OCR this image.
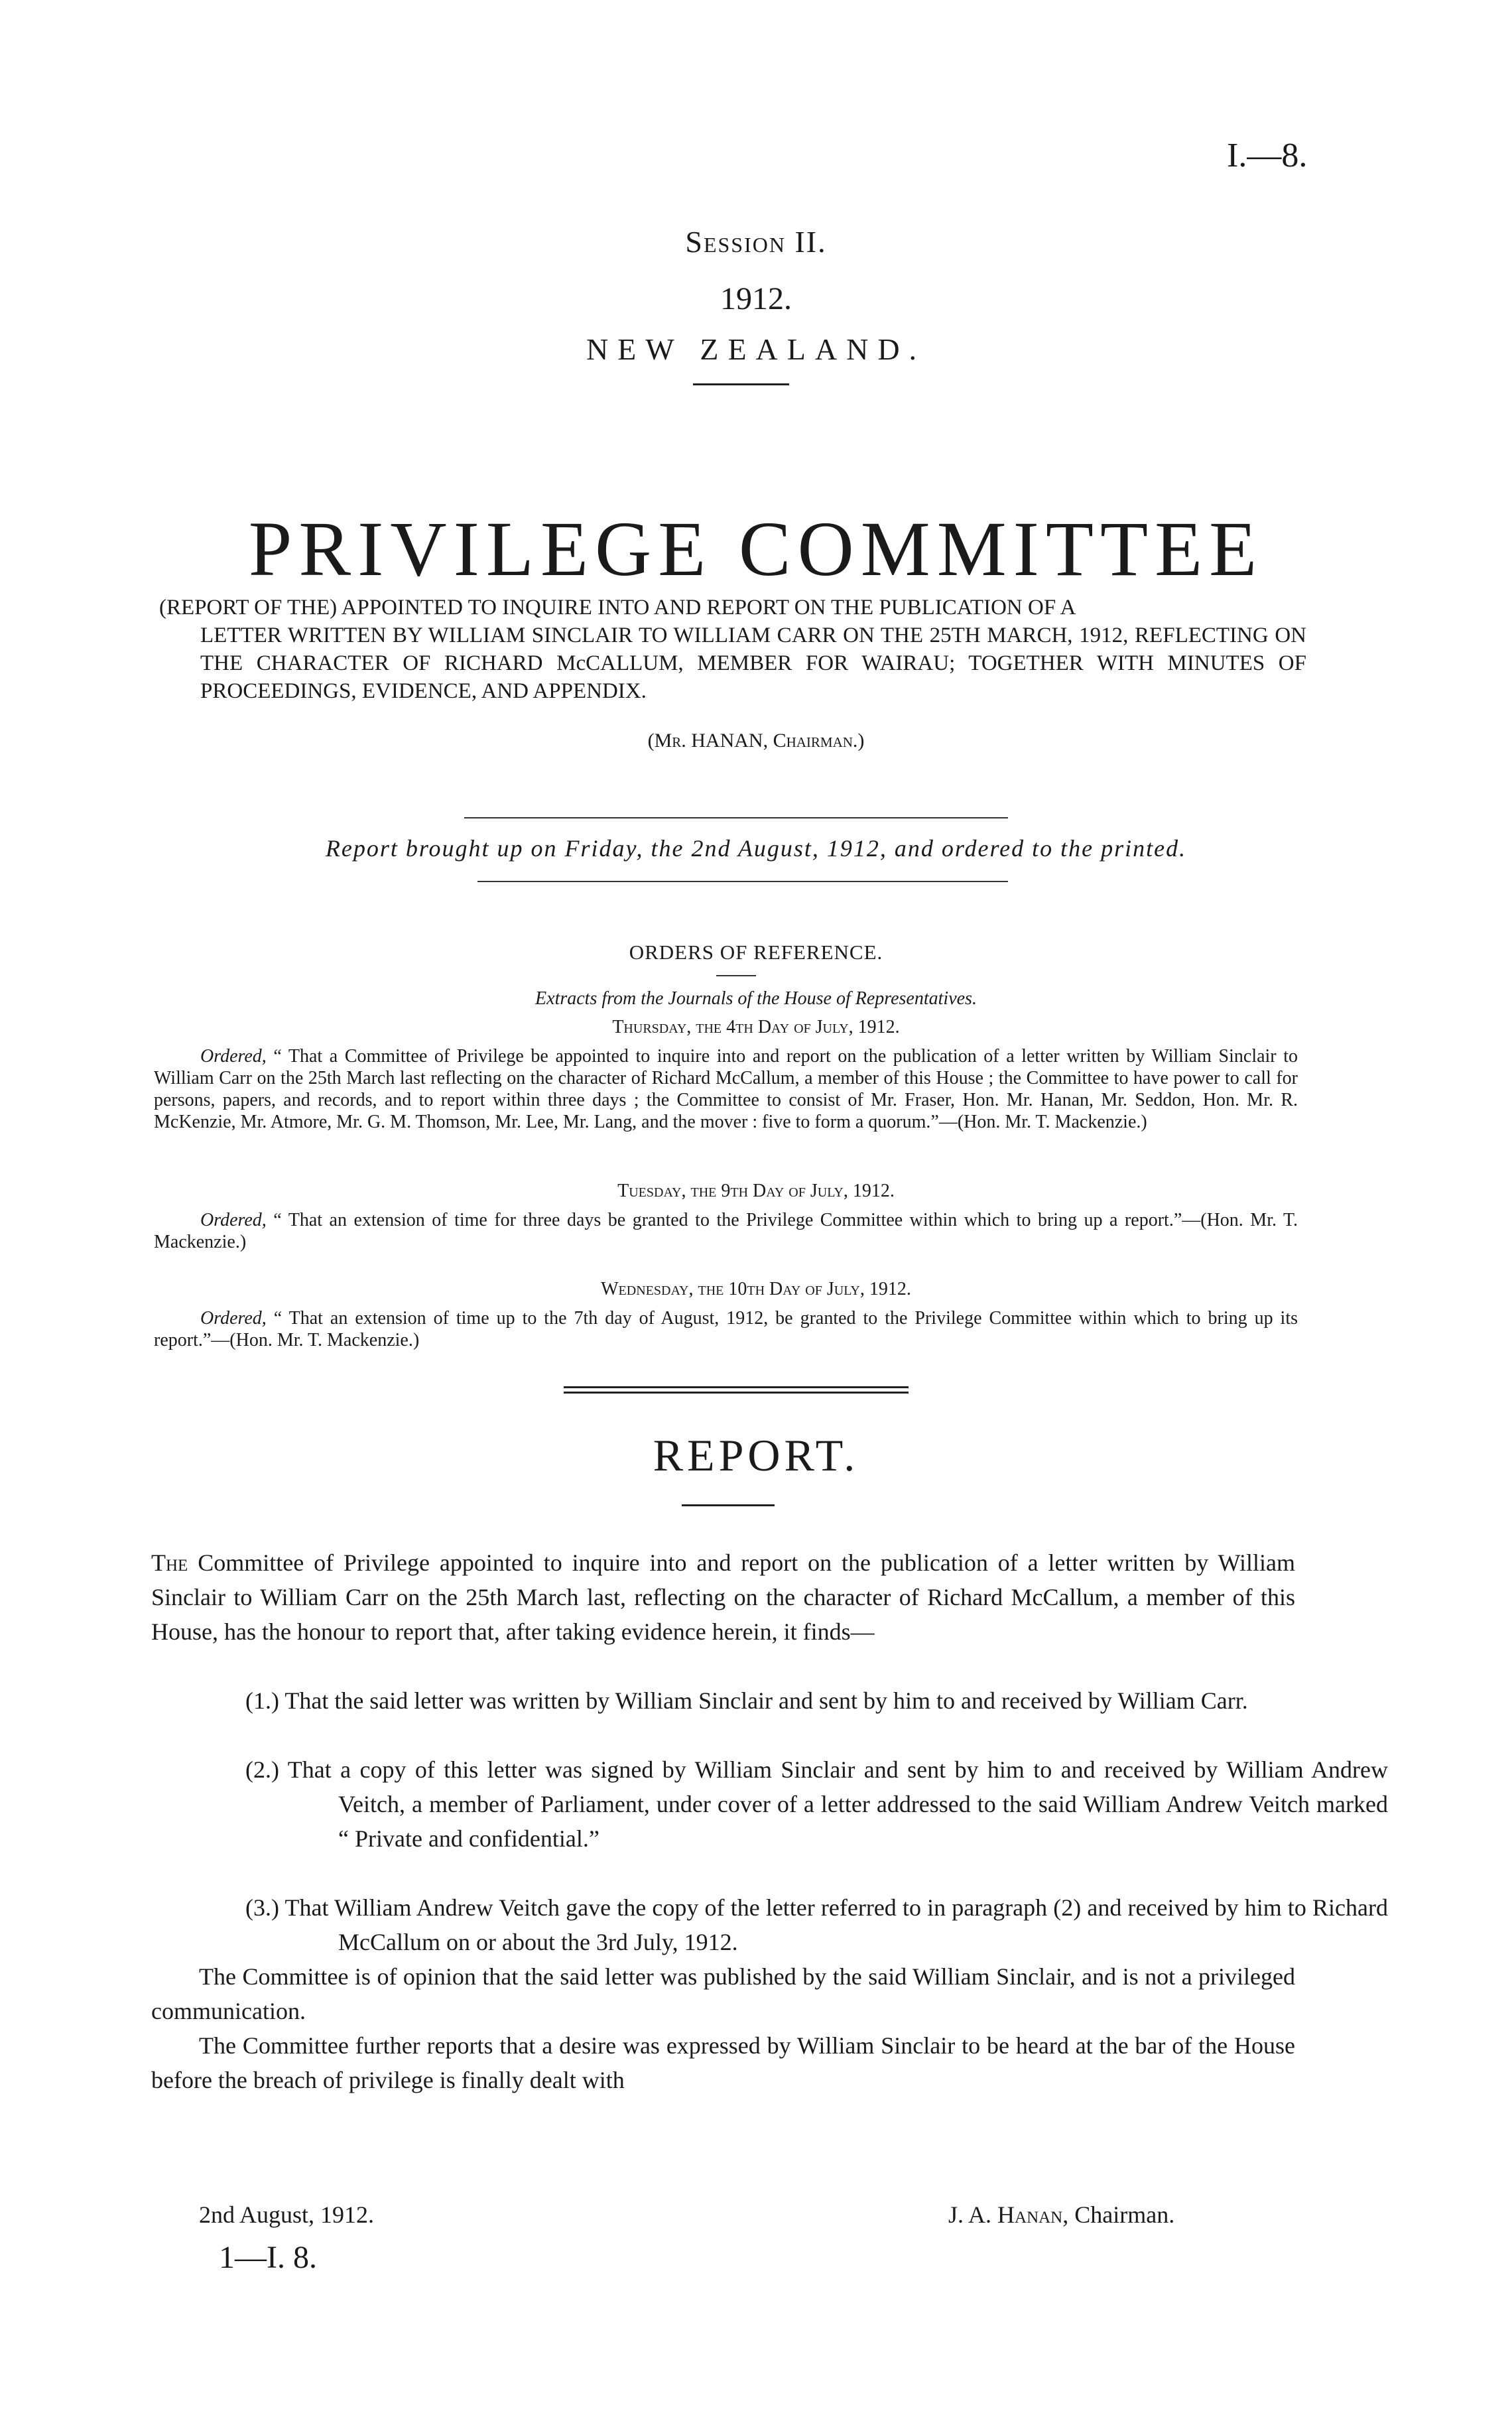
I.—8.
Session II.
1912.
NEW ZEALAND.
PRIVILEGE COMMITTEE
(REPORT OF THE) APPOINTED TO INQUIRE INTO AND REPORT ON THE PUBLICATION OF A
LETTER WRITTEN BY WILLIAM SINCLAIR TO WILLIAM CARR ON THE 25TH MARCH, 1912, REFLECTING ON THE CHARACTER OF RICHARD McCALLUM, MEMBER FOR WAIRAU; TOGETHER WITH MINUTES OF PROCEEDINGS, EVIDENCE, AND APPENDIX.
(Mr. HANAN, Chairman.)
Report brought up on Friday, the 2nd August, 1912, and ordered to the printed.
ORDERS OF REFERENCE.
Extracts from the Journals of the House of Representatives.
Thursday, the 4th Day of July, 1912.
Ordered, “ That a Committee of Privilege be appointed to inquire into and report on the publication of a letter written by William Sinclair to William Carr on the 25th March last reflecting on the character of Richard McCallum, a member of this House ; the Committee to have power to call for persons, papers, and records, and to report within three days ; the Committee to consist of Mr. Fraser, Hon. Mr. Hanan, Mr. Seddon, Hon. Mr. R. McKenzie, Mr. Atmore, Mr. G. M. Thomson, Mr. Lee, Mr. Lang, and the mover : five to form a quorum.”—(Hon. Mr. T. Mackenzie.)
Tuesday, the 9th Day of July, 1912.
Ordered, “ That an extension of time for three days be granted to the Privilege Committee within which to bring up a report.”—(Hon. Mr. T. Mackenzie.)
Wednesday, the 10th Day of July, 1912.
Ordered, “ That an extension of time up to the 7th day of August, 1912, be granted to the Privilege Committee within which to bring up its report.”—(Hon. Mr. T. Mackenzie.)
REPORT.
The Committee of Privilege appointed to inquire into and report on the publication of a letter written by William Sinclair to William Carr on the 25th March last, reflecting on the character of Richard McCallum, a member of this House, has the honour to report that, after taking evidence herein, it finds—
(1.) That the said letter was written by William Sinclair and sent by him to and received by William Carr.
(2.) That a copy of this letter was signed by William Sinclair and sent by him to and received by William Andrew Veitch, a member of Parliament, under cover of a letter addressed to the said William Andrew Veitch marked “ Private and confidential.”
(3.) That William Andrew Veitch gave the copy of the letter referred to in paragraph (2) and received by him to Richard McCallum on or about the 3rd July, 1912.
The Committee is of opinion that the said letter was published by the said William Sinclair, and is not a privileged communication.
The Committee further reports that a desire was expressed by William Sinclair to be heard at the bar of the House before the breach of privilege is finally dealt with
2nd August, 1912.	J. A. Hanan, Chairman.
1—I. 8.
